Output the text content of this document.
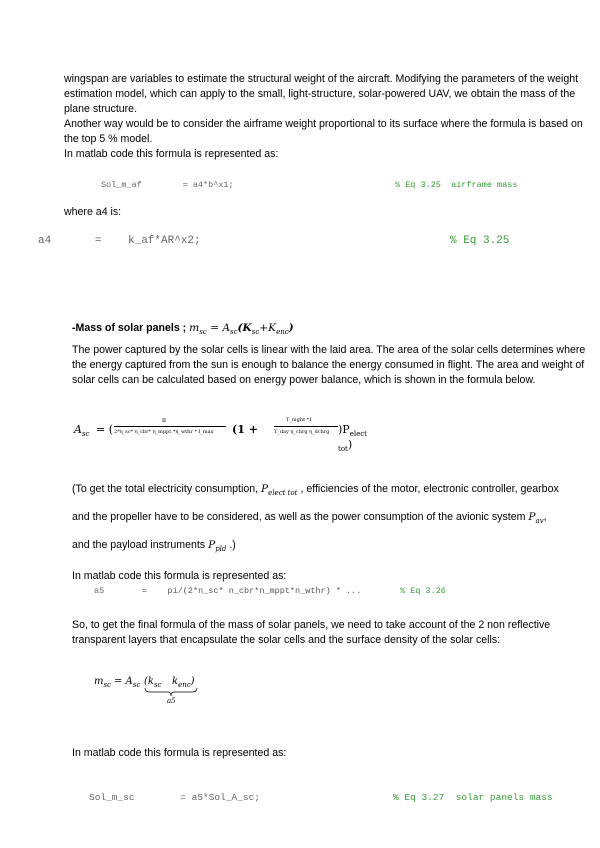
wingspan are variables to estimate the structural weight of the aircraft. Modifying the parameters of the weight estimation model, which can apply to the small, light-structure, solar-powered UAV, we obtain the mass of the plane structure.
Another way would be to consider the airframe weight proportional to its surface where the formula is based on the top 5 % model.
In matlab code this formula is represented as:
Sol_m_af        = a4*b^x1;	% Eq 3.25  airframe mass
where a4 is:
a4	=    k_af*AR^x2;	% Eq 3.25
-Mass of solar panels ; $m_{sc} = A_{sc}(K_{sc}+K_{enc})$
The power captured by the solar cells is linear with the laid area. The area of the solar cells determines where the energy captured from the sun is enough to balance the energy consumed in flight. The area and weight of solar cells can be calculated based on energy power balance, which is shown in the formula below.
$A_{sc}$ = (
π
2*η_sc* η_cbr* η_mppt *η_wthr * I_max (1 +
T_night *1
T_day η_chrg η_dchrg )$P_{elect tot}$)
(To get the total electricity consumption, $P_{elect tot}$ , efficiencies of the motor, electronic controller, gearbox
and the propeller have to be considered, as well as the power consumption of the avionic system $P_{av}$,
and the payload instruments $P_{pld}$ .)
In matlab code this formula is represented as:
a5	=    pi/(2*n_sc* n_cbr*n_mppt*n_wthr) * ...	% Eq 3.26
So, to get the final formula of the mass of solar panels, we need to take account of the 2 non reflective transparent layers that encapsulate the solar cells and the surface density of the solar cells:
$m_{sc} = A_{sc}$ ($k_{sc}$ $k_{enc}$)
a5
In matlab code this formula is represented as:
Sol_m_sc        = a5*Sol_A_sc;	% Eq 3.27  solar panels mass
